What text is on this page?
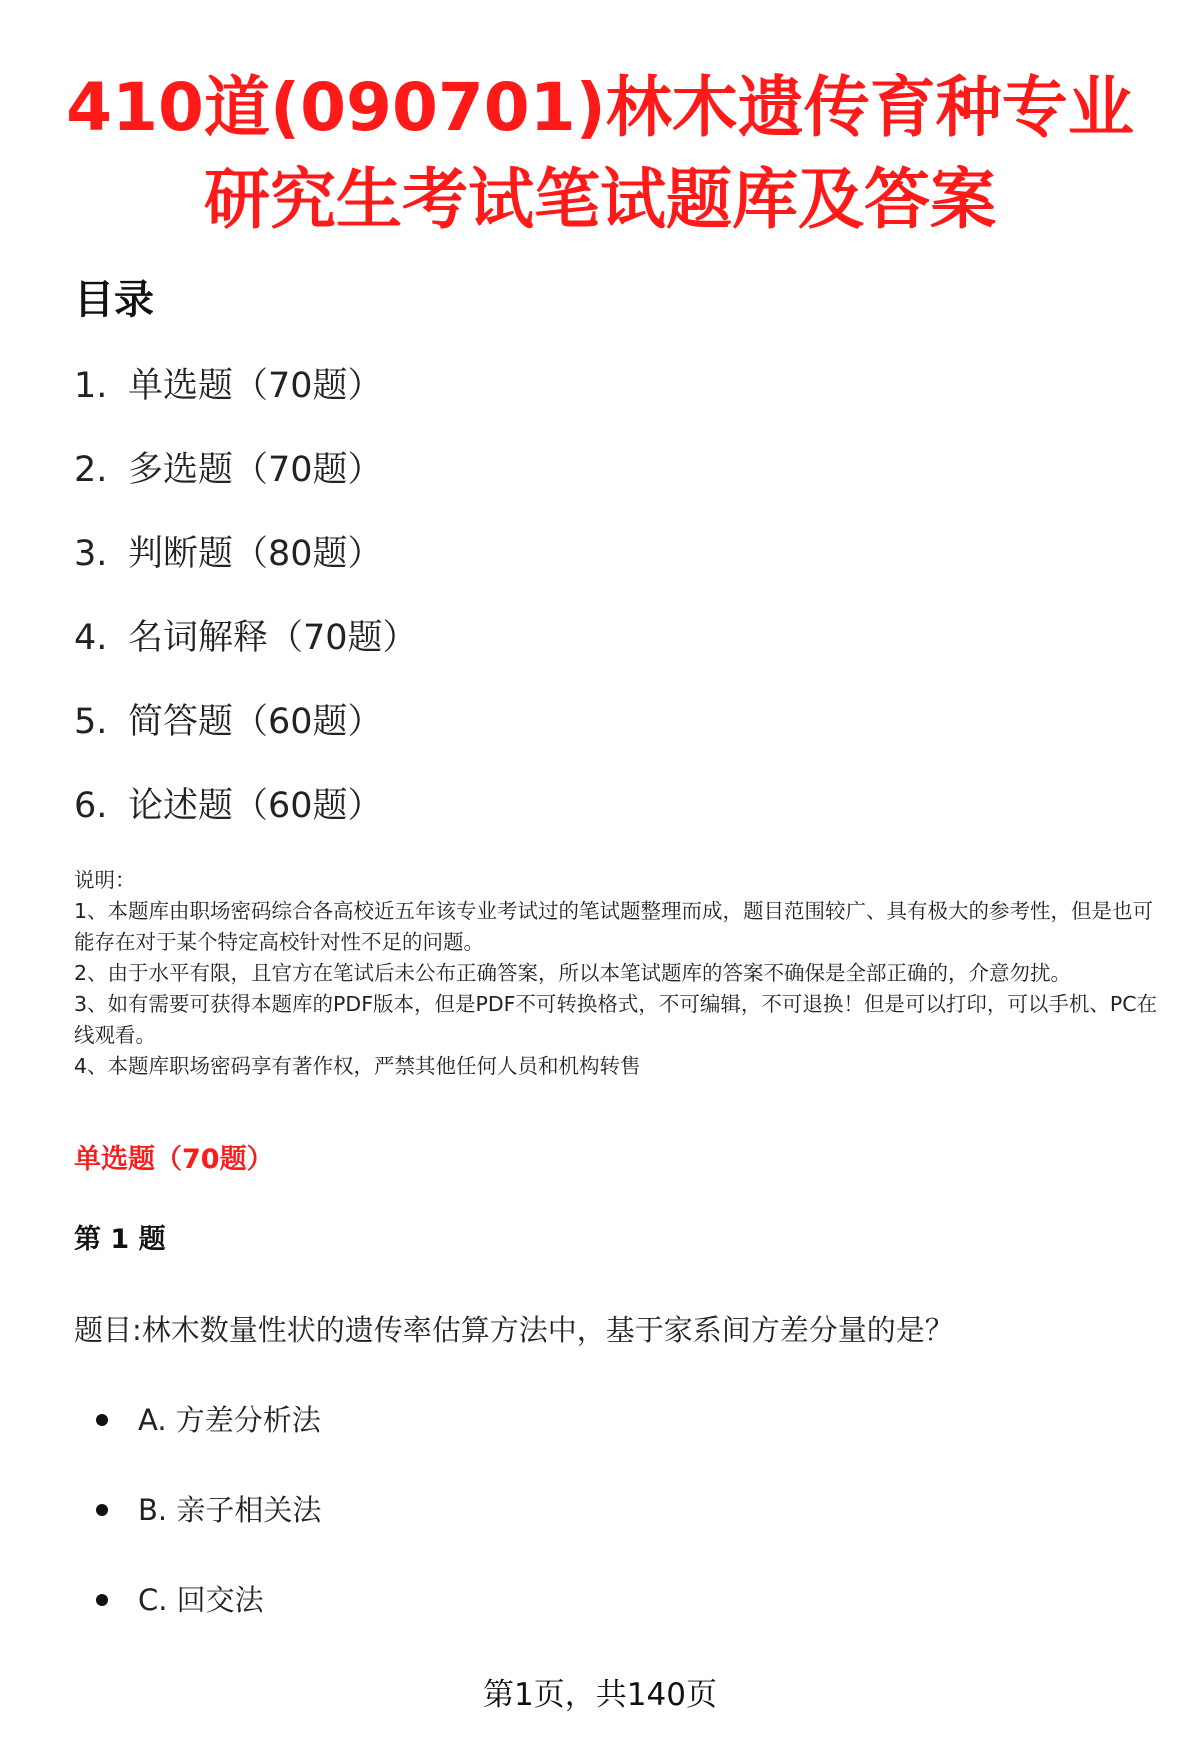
410道(090701)林木遗传育种专业
研究生考试笔试题库及答案
目录
1. 单选题（70题）
2. 多选题（70题）
3. 判断题（80题）
4. 名词解释（70题）
5. 简答题（60题）
6. 论述题（60题）
说明：
1、本题库由职场密码综合各高校近五年该专业考试过的笔试题整理而成，题目范围较广、具有极大的参考性，但是也可能存在对于某个特定高校针对性不足的问题。
2、由于水平有限，且官方在笔试后未公布正确答案，所以本笔试题库的答案不确保是全部正确的，介意勿扰。
3、如有需要可获得本题库的PDF版本，但是PDF不可转换格式，不可编辑，不可退换！但是可以打印，可以手机、PC在线观看。
4、本题库职场密码享有著作权，严禁其他任何人员和机构转售
单选题（70题）
第 1 题
题目:林木数量性状的遗传率估算方法中，基于家系间方差分量的是？
A. 方差分析法
B. 亲子相关法
C. 回交法
第1页，共140页
